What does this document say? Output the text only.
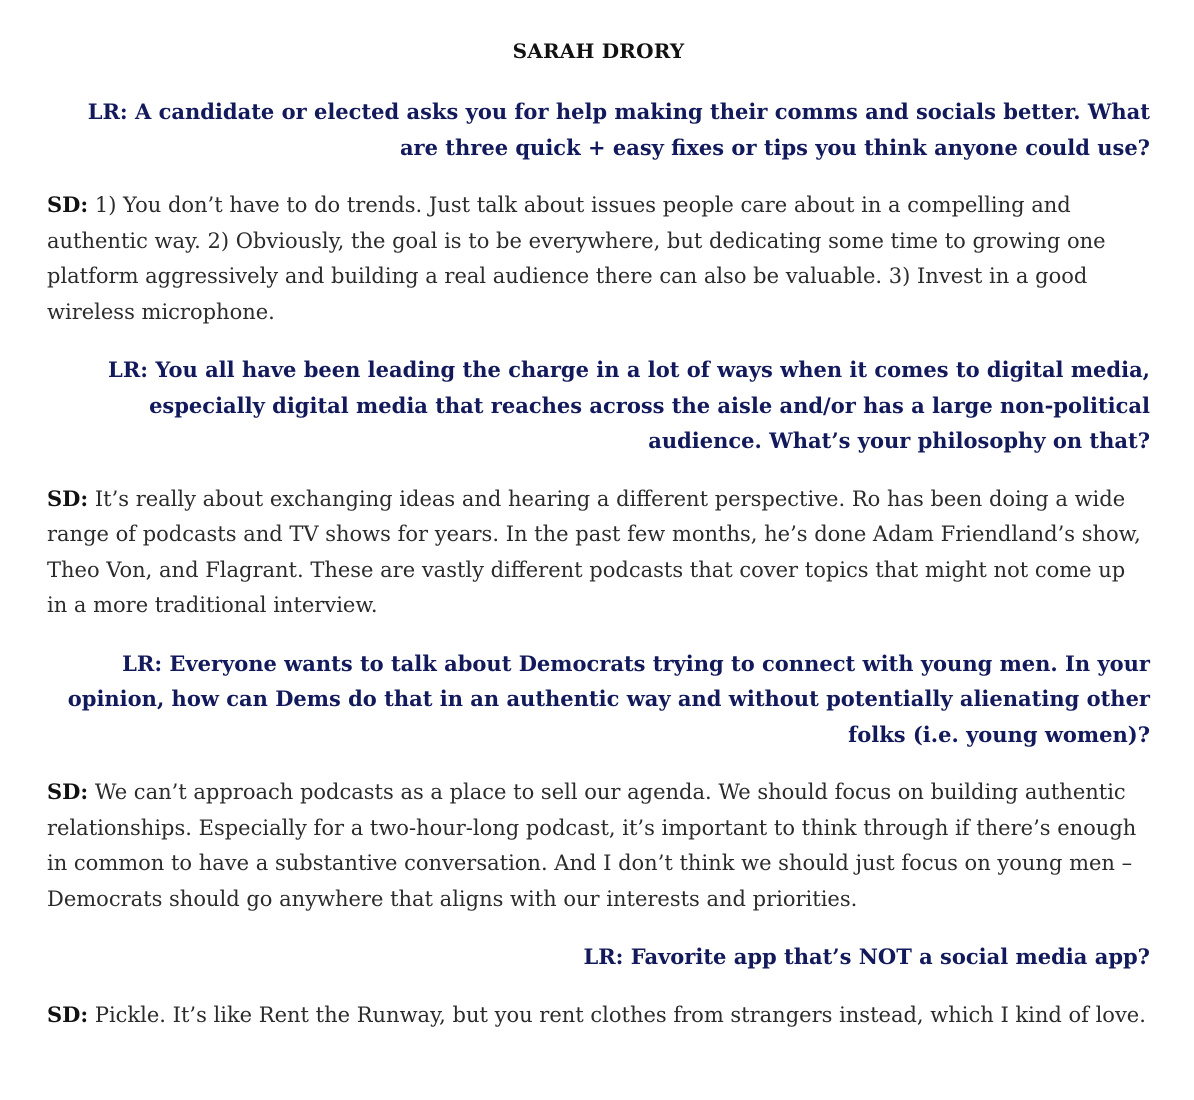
SARAH DRORY
LR: A candidate or elected asks you for help making their comms and socials better. What are three quick + easy fixes or tips you think anyone could use?
SD: 1) You don’t have to do trends. Just talk about issues people care about in a compelling and authentic way. 2) Obviously, the goal is to be everywhere, but dedicating some time to growing one platform aggressively and building a real audience there can also be valuable. 3) Invest in a good wireless microphone.
LR: You all have been leading the charge in a lot of ways when it comes to digital media, especially digital media that reaches across the aisle and/or has a large non-political audience. What’s your philosophy on that?
SD: It’s really about exchanging ideas and hearing a different perspective. Ro has been doing a wide range of podcasts and TV shows for years. In the past few months, he’s done Adam Friendland’s show, Theo Von, and Flagrant. These are vastly different podcasts that cover topics that might not come up in a more traditional interview.
LR: Everyone wants to talk about Democrats trying to connect with young men. In your opinion, how can Dems do that in an authentic way and without potentially alienating other folks (i.e. young women)?
SD: We can’t approach podcasts as a place to sell our agenda. We should focus on building authentic relationships. Especially for a two-hour-long podcast, it’s important to think through if there’s enough in common to have a substantive conversation. And I don’t think we should just focus on young men – Democrats should go anywhere that aligns with our interests and priorities.
LR: Favorite app that’s NOT a social media app?
SD: Pickle. It’s like Rent the Runway, but you rent clothes from strangers instead, which I kind of love.
